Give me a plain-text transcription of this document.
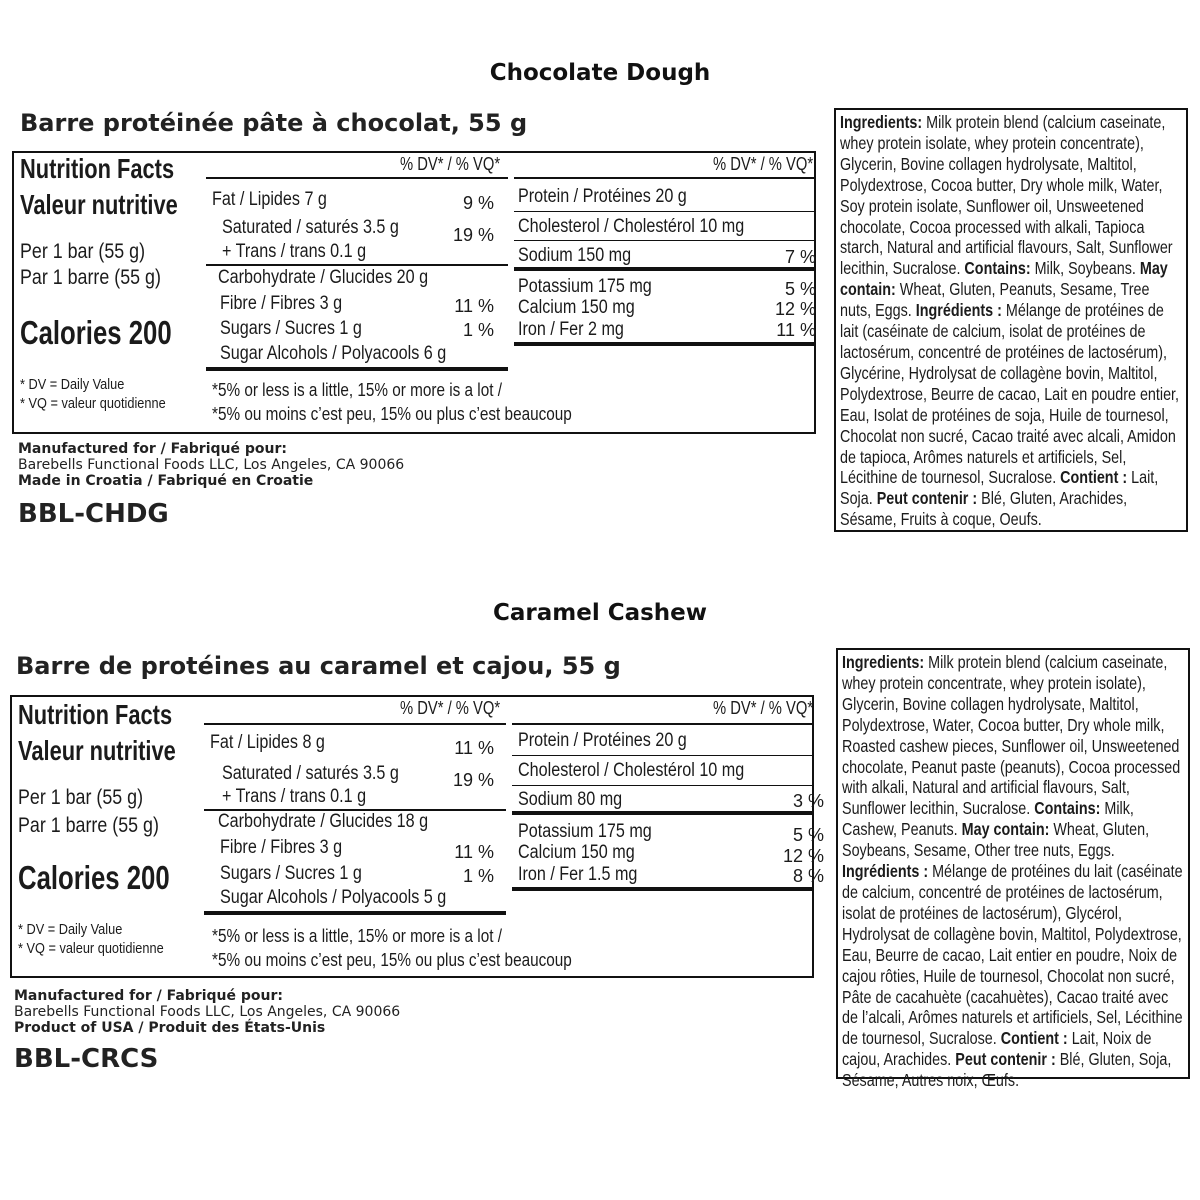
Chocolate Dough
Barre protéinée pâte à chocolat, 55 g
Nutrition Facts
Valeur nutritive
Per 1 bar (55 g)
Par 1 barre (55 g)
Calories 200
% DV* / % VQ*	% DV* / % VQ*
Fat / Lipides 7 g	9 %
Saturated / saturés 3.5 g	19 %
+ Trans / trans 0.1 g
Carbohydrate / Glucides 20 g
Fibre / Fibres 3 g	11 %
Sugars / Sucres 1 g	1 %
Sugar Alcohols / Polyacools 6 g
Protein / Protéines 20 g
Cholesterol / Cholestérol 10 mg
Sodium 150 mg	7 %
Potassium 175 mg	5 %
Calcium 150 mg	12 %
Iron / Fer 2 mg	11 %
* DV = Daily Value
* VQ = valeur quotidienne
*5% or less is a little, 15% or more is a lot /
*5% ou moins c’est peu, 15% ou plus c’est beaucoup
Manufactured for / Fabriqué pour:
Barebells Functional Foods LLC, Los Angeles, CA 90066
Made in Croatia / Fabriqué en Croatie
BBL-CHDG
Ingredients: Milk protein blend (calcium caseinate, whey protein isolate, whey protein concentrate), Glycerin, Bovine collagen hydrolysate, Maltitol, Polydextrose, Cocoa butter, Dry whole milk, Water, Soy protein isolate, Sunflower oil, Unsweetened chocolate, Cocoa processed with alkali, Tapioca starch, Natural and artificial flavours, Salt, Sunflower lecithin, Sucralose. Contains: Milk, Soybeans. May contain: Wheat, Gluten, Peanuts, Sesame, Tree nuts, Eggs. Ingrédients : Mélange de protéines de lait (caséinate de calcium, isolat de protéines de lactosérum, concentré de protéines de lactosérum), Glycérine, Hydrolysat de collagène bovin, Maltitol, Polydextrose, Beurre de cacao, Lait en poudre entier, Eau, Isolat de protéines de soja, Huile de tournesol, Chocolat non sucré, Cacao traité avec alcali, Amidon de tapioca, Arômes naturels et artificiels, Sel, Lécithine de tournesol, Sucralose. Contient : Lait, Soja. Peut contenir : Blé, Gluten, Arachides, Sésame, Fruits à coque, Oeufs.
Caramel Cashew
Barre de protéines au caramel et cajou, 55 g
Nutrition Facts
Valeur nutritive
Per 1 bar (55 g)
Par 1 barre (55 g)
Calories 200
% DV* / % VQ*	% DV* / % VQ*
Fat / Lipides 8 g	11 %
Saturated / saturés 3.5 g	19 %
+ Trans / trans 0.1 g
Carbohydrate / Glucides 18 g
Fibre / Fibres 3 g	11 %
Sugars / Sucres 1 g	1 %
Sugar Alcohols / Polyacools 5 g
Protein / Protéines 20 g
Cholesterol / Cholestérol 10 mg
Sodium 80 mg	3 %
Potassium 175 mg	5 %
Calcium 150 mg	12 %
Iron / Fer 1.5 mg	8 %
* DV = Daily Value
* VQ = valeur quotidienne
*5% or less is a little, 15% or more is a lot /
*5% ou moins c’est peu, 15% ou plus c’est beaucoup
Manufactured for / Fabriqué pour:
Barebells Functional Foods LLC, Los Angeles, CA 90066
Product of USA / Produit des États-Unis
BBL-CRCS
Ingredients: Milk protein blend (calcium caseinate, whey protein concentrate, whey protein isolate), Glycerin, Bovine collagen hydrolysate, Maltitol, Polydextrose, Water, Cocoa butter, Dry whole milk, Roasted cashew pieces, Sunflower oil, Unsweetened chocolate, Peanut paste (peanuts), Cocoa processed with alkali, Natural and artificial flavours, Salt, Sunflower lecithin, Sucralose. Contains: Milk, Cashew, Peanuts. May contain: Wheat, Gluten, Soybeans, Sesame, Other tree nuts, Eggs. Ingrédients : Mélange de protéines du lait (caséinate de calcium, concentré de protéines de lactosérum, isolat de protéines de lactosérum), Glycérol, Hydrolysat de collagène bovin, Maltitol, Polydextrose, Eau, Beurre de cacao, Lait entier en poudre, Noix de cajou rôties, Huile de tournesol, Chocolat non sucré, Pâte de cacahuète (cacahuètes), Cacao traité avec de l’alcali, Arômes naturels et artificiels, Sel, Lécithine de tournesol, Sucralose. Contient : Lait, Noix de cajou, Arachides. Peut contenir : Blé, Gluten, Soja, Sésame, Autres noix, Œufs.
